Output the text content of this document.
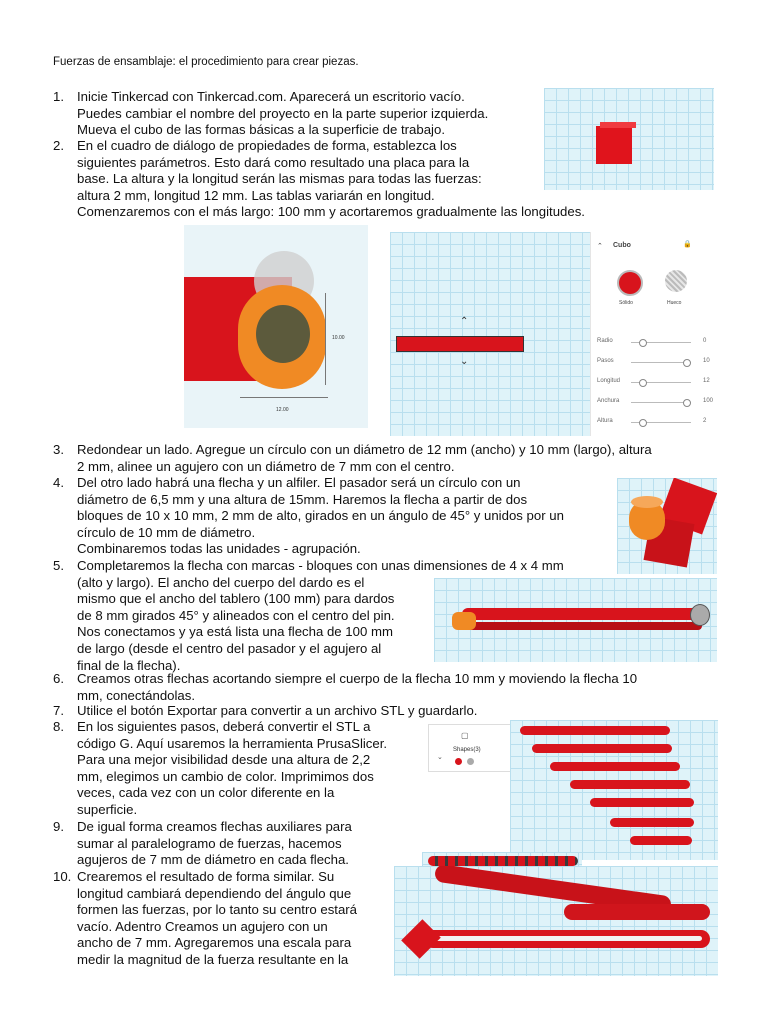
Fuerzas de ensamblaje: el procedimiento para crear piezas.
1. Inicie Tinkercad con Tinkercad.com. Aparecerá un escritorio vacío.
Puedes cambiar el nombre del proyecto en la parte superior izquierda.
Mueva el cubo de las formas básicas a la superficie de trabajo.
2. En el cuadro de diálogo de propiedades de forma, establezca los
siguientes parámetros. Esto dará como resultado una placa para la
base. La altura y la longitud serán las mismas para todas las fuerzas:
altura 2 mm, longitud 12 mm. Las tablas variarán en longitud.
Comenzaremos con el más largo: 100 mm y acortaremos gradualmente las longitudes.
3. Redondear un lado. Agregue un círculo con un diámetro de 12 mm (ancho) y 10 mm (largo), altura
2 mm, alinee un agujero con un diámetro de 7 mm con el centro.
4. Del otro lado habrá una flecha y un alfiler. El pasador será un círculo con un
diámetro de 6,5 mm y una altura de 15mm. Haremos la flecha a partir de dos
bloques de 10 x 10 mm, 2 mm de alto, girados en un ángulo de 45° y unidos por un
círculo de 10 mm de diámetro.
Combinaremos todas las unidades - agrupación.
5. Completaremos la flecha con marcas - bloques con unas dimensiones de 4 x 4 mm
(alto y largo). El ancho del cuerpo del dardo es el
mismo que el ancho del tablero (100 mm) para dardos
de 8 mm girados 45° y alineados con el centro del pin.
Nos conectamos y ya está lista una flecha de 100 mm
de largo (desde el centro del pasador y el agujero al
final de la flecha).
6. Creamos otras flechas acortando siempre el cuerpo de la flecha 10 mm y moviendo la flecha 10
mm, conectándolas.
7. Utilice el botón Exportar para convertir a un archivo STL y guardarlo.
8. En los siguientes pasos, deberá convertir el STL a
código G. Aquí usaremos la herramienta PrusaSlicer.
Para una mejor visibilidad desde una altura de 2,2
mm, elegimos un cambio de color. Imprimimos dos
veces, cada vez con un color diferente en la
superficie.
9. De igual forma creamos flechas auxiliares para
sumar al paralelogramo de fuerzas, hacemos
agujeros de 7 mm de diámetro en cada flecha.
10. Crearemos el resultado de forma similar. Su
longitud cambiará dependiendo del ángulo que
formen las fuerzas, por lo tanto su centro estará
vacío. Adentro Creamos un agujero con un
ancho de 7 mm. Agregaremos una escala para
medir la magnitud de la fuerza resultante en la
10.00
12.00
⌃
⌄
⌃ Cubo	🔒
Sólido	Hueco
Radio	0
Pasos	10
Longitud	12
Anchura	100
Altura	2
Shapes(3)
⌄
▢
